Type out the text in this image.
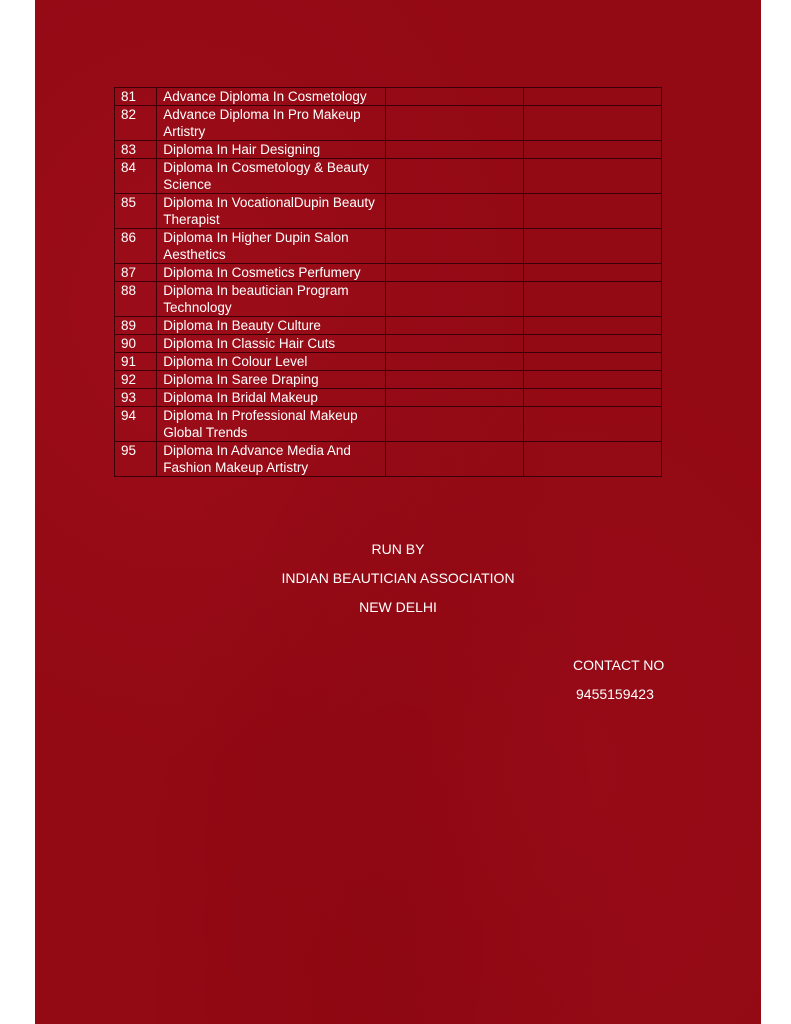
81	Advance Diploma In Cosmetology		
82	Advance Diploma In Pro Makeup Artistry		
83	Diploma In Hair Designing		
84	Diploma In Cosmetology & Beauty Science		
85	Diploma In VocationalDupin Beauty Therapist		
86	Diploma In Higher Dupin Salon Aesthetics		
87	Diploma In Cosmetics Perfumery		
88	Diploma In beautician Program Technology		
89	Diploma In Beauty Culture		
90	Diploma In Classic Hair Cuts		
91	Diploma In Colour Level		
92	Diploma In Saree Draping		
93	Diploma In Bridal Makeup		
94	Diploma In Professional Makeup Global Trends		
95	Diploma In Advance Media And Fashion Makeup Artistry		
RUN BY
INDIAN BEAUTICIAN ASSOCIATION
NEW DELHI
CONTACT NO
9455159423
